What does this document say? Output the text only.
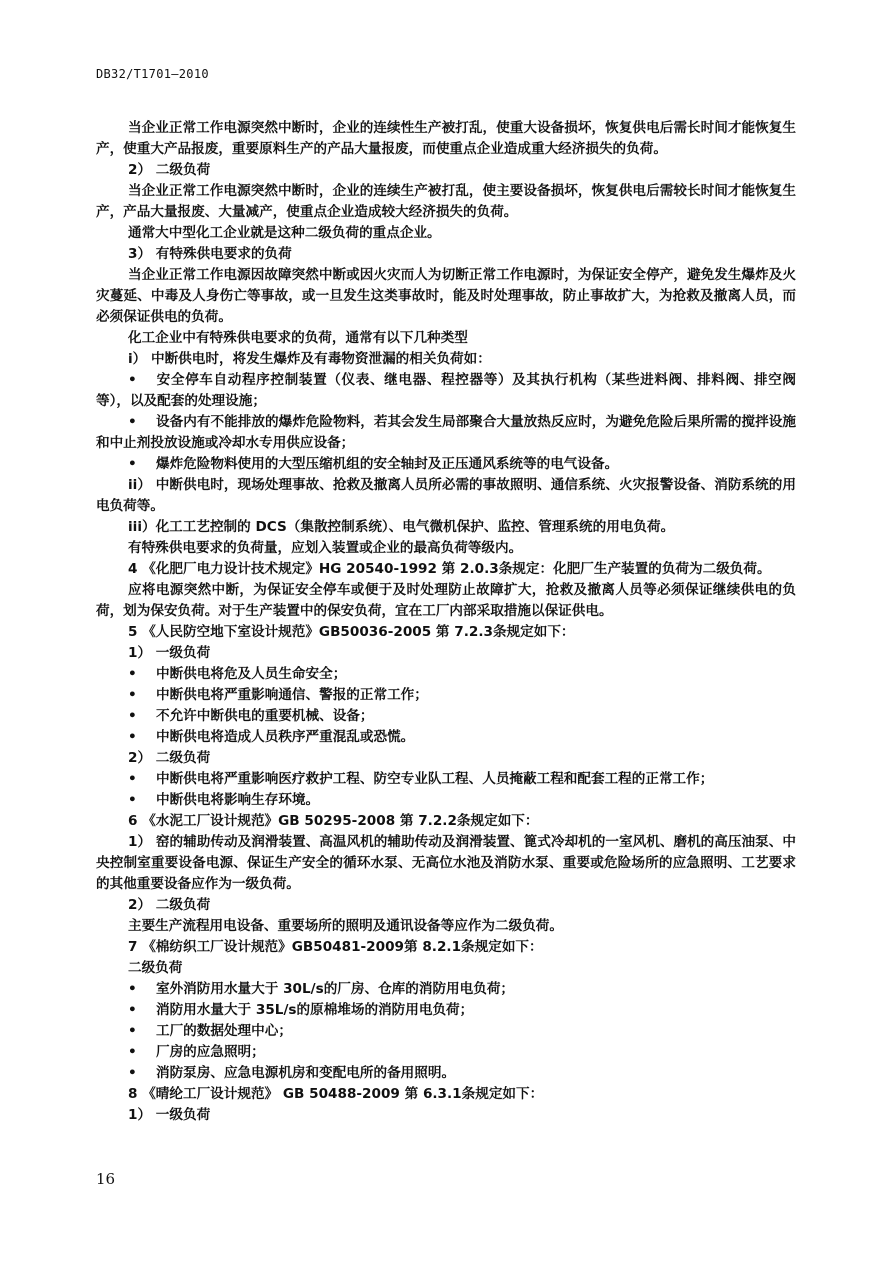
DB32/T1701—2010

当企业正常工作电源突然中断时，企业的连续性生产被打乱，使重大设备损坏，恢复供电后需长时间才能恢复生产，使重大产品报废，重要原料生产的产品大量报废，而使重点企业造成重大经济损失的负荷。

2） 二级负荷

当企业正常工作电源突然中断时，企业的连续生产被打乱，使主要设备损坏，恢复供电后需较长时间才能恢复生产，产品大量报废、大量减产，使重点企业造成较大经济损失的负荷。

通常大中型化工企业就是这种二级负荷的重点企业。

3） 有特殊供电要求的负荷

当企业正常工作电源因故障突然中断或因火灾而人为切断正常工作电源时，为保证安全停产，避免发生爆炸及火灾蔓延、中毒及人身伤亡等事故，或一旦发生这类事故时，能及时处理事故，防止事故扩大，为抢救及撤离人员，而必须保证供电的负荷。

化工企业中有特殊供电要求的负荷，通常有以下几种类型

i） 中断供电时，将发生爆炸及有毒物资泄漏的相关负荷如：

• 安全停车自动程序控制装置（仪表、继电器、程控器等）及其执行机构（某些进料阀、排料阀、排空阀等），以及配套的处理设施；

• 设备内有不能排放的爆炸危险物料，若其会发生局部聚合大量放热反应时，为避免危险后果所需的搅拌设施和中止剂投放设施或冷却水专用供应设备；

• 爆炸危险物料使用的大型压缩机组的安全轴封及正压通风系统等的电气设备。

ii） 中断供电时，现场处理事故、抢救及撤离人员所必需的事故照明、通信系统、火灾报警设备、消防系统的用电负荷等。

iii）化工工艺控制的 DCS（集散控制系统）、电气微机保护、监控、管理系统的用电负荷。

有特殊供电要求的负荷量，应划入装置或企业的最高负荷等级内。

4 《化肥厂电力设计技术规定》HG 20540-1992 第 2.0.3条规定：化肥厂生产装置的负荷为二级负荷。

应将电源突然中断，为保证安全停车或便于及时处理防止故障扩大，抢救及撤离人员等必须保证继续供电的负荷，划为保安负荷。对于生产装置中的保安负荷，宜在工厂内部采取措施以保证供电。

5 《人民防空地下室设计规范》GB50036-2005 第 7.2.3条规定如下：

1） 一级负荷

• 中断供电将危及人员生命安全；

• 中断供电将严重影响通信、警报的正常工作；

• 不允许中断供电的重要机械、设备；

• 中断供电将造成人员秩序严重混乱或恐慌。

2） 二级负荷

• 中断供电将严重影响医疗救护工程、防空专业队工程、人员掩蔽工程和配套工程的正常工作；

• 中断供电将影响生存环境。

6 《水泥工厂设计规范》GB 50295-2008 第 7.2.2条规定如下：

1） 窑的辅助传动及润滑装置、高温风机的辅助传动及润滑装置、篦式冷却机的一室风机、磨机的高压油泵、中央控制室重要设备电源、保证生产安全的循环水泵、无高位水池及消防水泵、重要或危险场所的应急照明、工艺要求的其他重要设备应作为一级负荷。

2） 二级负荷

主要生产流程用电设备、重要场所的照明及通讯设备等应作为二级负荷。

7 《棉纺织工厂设计规范》GB50481-2009第 8.2.1条规定如下：

二级负荷

• 室外消防用水量大于 30L/s的厂房、仓库的消防用电负荷；

• 消防用水量大于 35L/s的原棉堆场的消防用电负荷；

• 工厂的数据处理中心；

• 厂房的应急照明；

• 消防泵房、应急电源机房和变配电所的备用照明。

8 《晴纶工厂设计规范》 GB 50488-2009 第 6.3.1条规定如下：

1） 一级负荷

16
